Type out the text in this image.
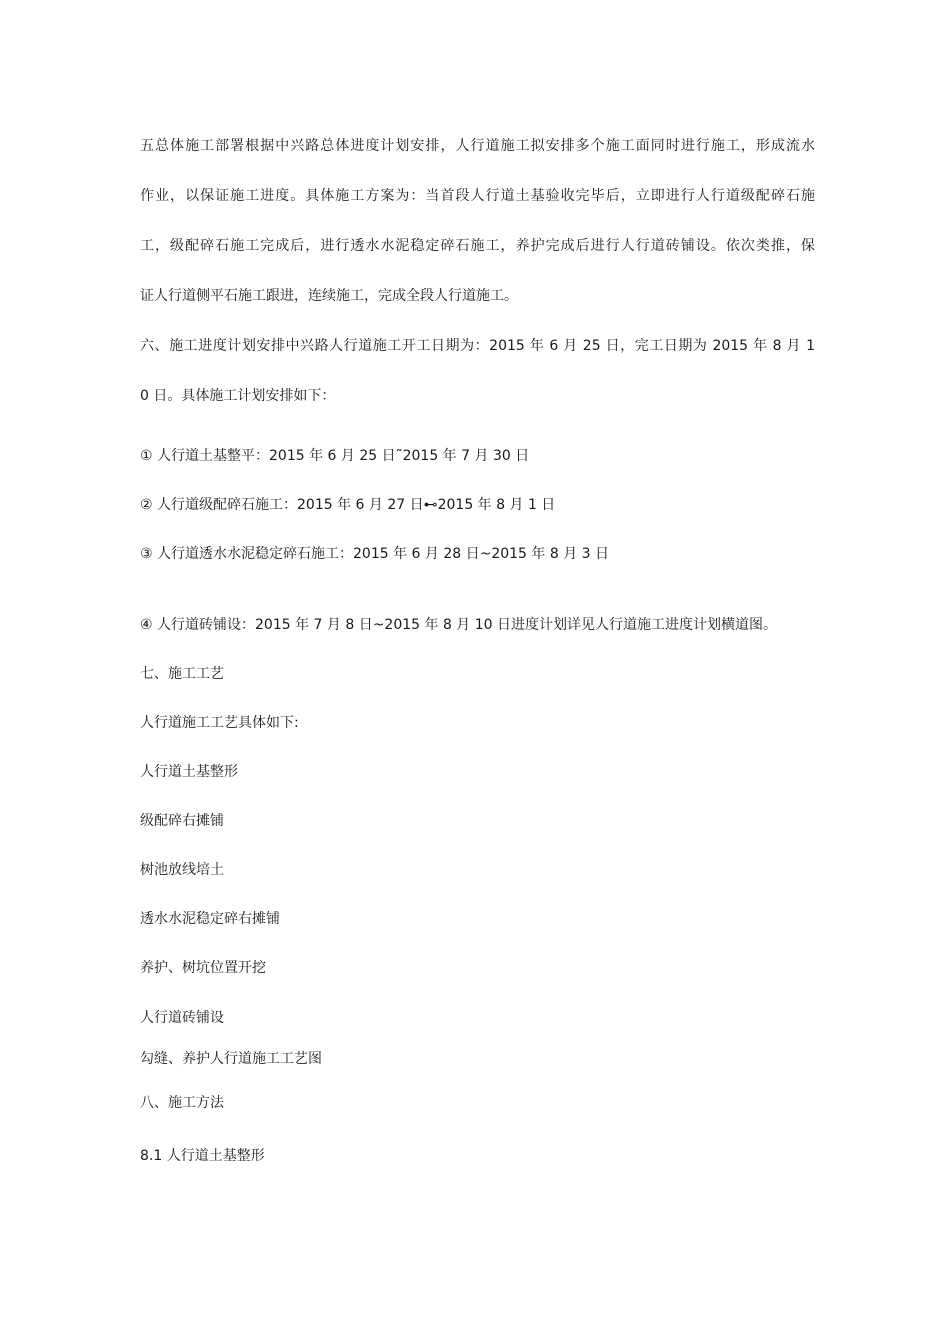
五总体施工部署根据中兴路总体进度计划安排，人行道施工拟安排多个施工面同时进行施工，形成流水
作业，以保证施工进度。具体施工方案为：当首段人行道土基验收完毕后，立即进行人行道级配碎石施
工，级配碎石施工完成后，进行透水水泥稳定碎石施工，养护完成后进行人行道砖铺设。依次类推，保
证人行道侧平石施工跟进，连续施工，完成全段人行道施工。
六、施工进度计划安排中兴路人行道施工开工日期为：2015 年 6 月 25 日，完工日期为 2015 年 8 月 1
0 日。具体施工计划安排如下：
① 人行道土基整平：2015 年 6 月 25 日˜2015 年 7 月 30 日
② 人行道级配碎石施工：2015 年 6 月 27 日⊷2015 年 8 月 1 日
③ 人行道透水水泥稳定碎石施工：2015 年 6 月 28 日~2015 年 8 月 3 日
④ 人行道砖铺设：2015 年 7 月 8 日~2015 年 8 月 10 日进度计划详见人行道施工进度计划横道图。
七、施工工艺
人行道施工工艺具体如下:
人行道土基整形
级配碎右摊铺
树池放线培土
透水水泥稳定碎右摊铺
养护、树坑位置开挖
人行道砖铺设
勾缝、养护人行道施工工艺图
八、施工方法
8.1 人行道土基整形
